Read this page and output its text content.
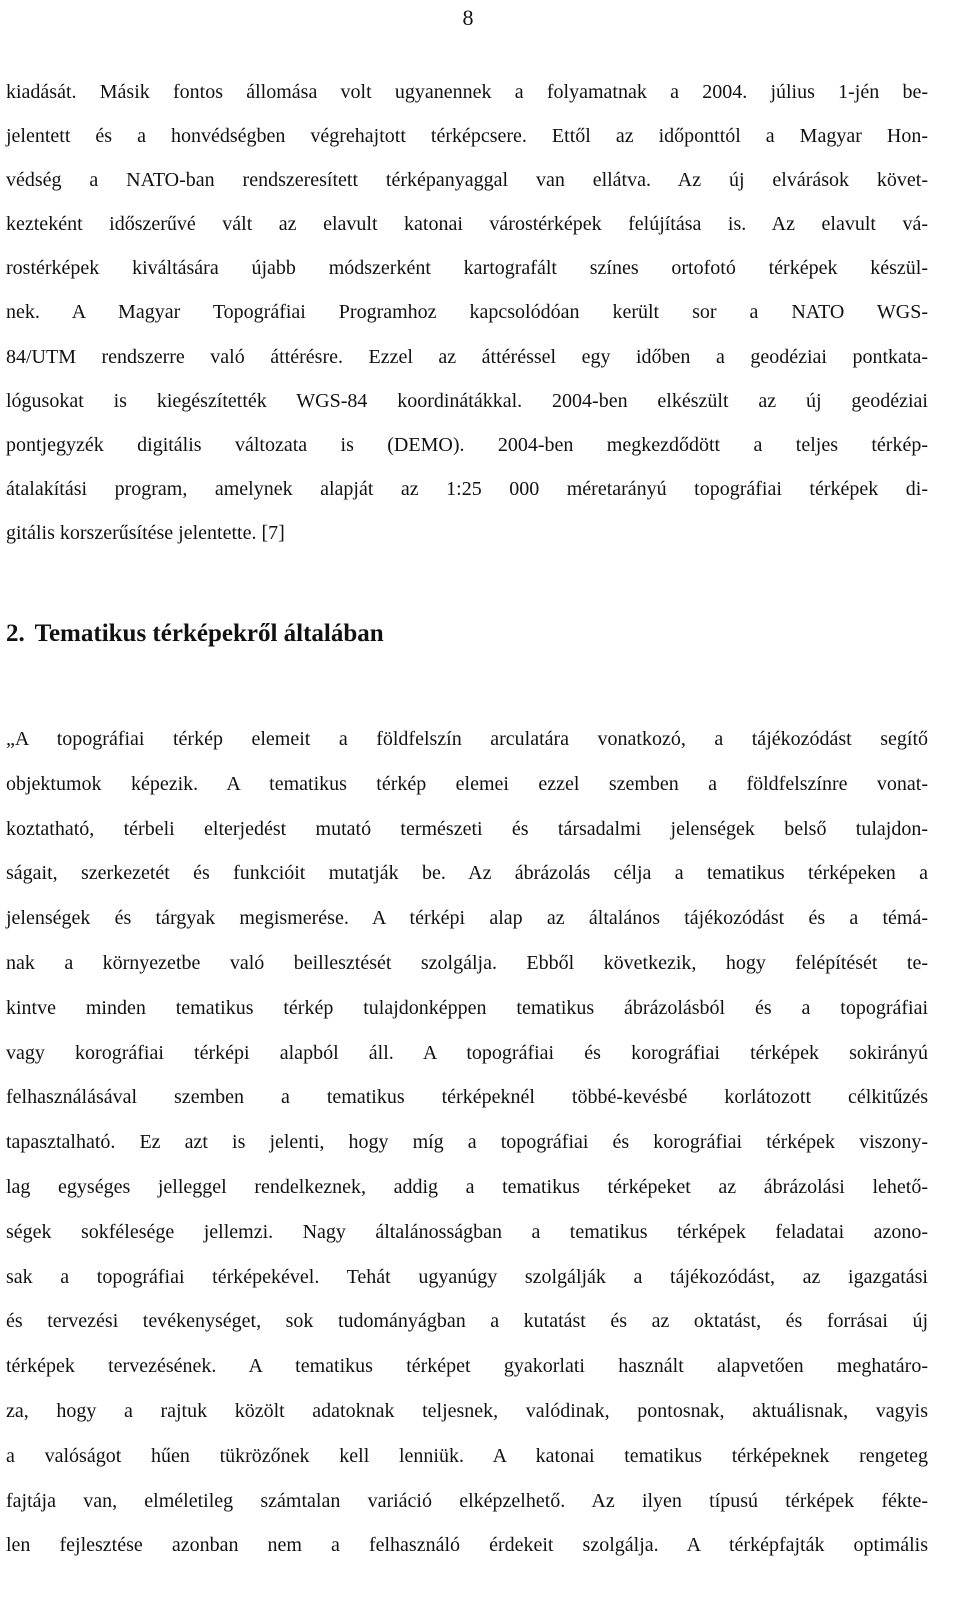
8
kiadását. Másik fontos állomása volt ugyanennek a folyamatnak a 2004. július 1-jén be-
jelentett és a honvédségben végrehajtott térképcsere. Ettől az időponttól a Magyar Hon-
védség a NATO-ban rendszeresített térképanyaggal van ellátva. Az új elvárások követ-
kezteként időszerűvé vált az elavult katonai várostérképek felújítása is. Az elavult vá-
rostérképek kiváltására újabb módszerként kartografált színes ortofotó térképek készül-
nek. A Magyar Topográfiai Programhoz kapcsolódóan került sor a NATO WGS-
84/UTM rendszerre való áttérésre. Ezzel az áttéréssel egy időben a geodéziai pontkata-
lógusokat is kiegészítették WGS-84 koordinátákkal. 2004-ben elkészült az új geodéziai
pontjegyzék digitális változata is (DEMO). 2004-ben megkezdődött a teljes térkép-
átalakítási program, amelynek alapját az 1:25 000 méretarányú topográfiai térképek di-
gitális korszerűsítése jelentette. [7]
2. Tematikus térképekről általában
„A topográfiai térkép elemeit a földfelszín arculatára vonatkozó, a tájékozódást segítő
objektumok képezik. A tematikus térkép elemei ezzel szemben a földfelszínre vonat-
koztatható, térbeli elterjedést mutató természeti és társadalmi jelenségek belső tulajdon-
ságait, szerkezetét és funkcióit mutatják be. Az ábrázolás célja a tematikus térképeken a
jelenségek és tárgyak megismerése. A térképi alap az általános tájékozódást és a témá-
nak a környezetbe való beillesztését szolgálja. Ebből következik, hogy felépítését te-
kintve minden tematikus térkép tulajdonképpen tematikus ábrázolásból és a topográfiai
vagy korográfiai térképi alapból áll. A topográfiai és korográfiai térképek sokirányú
felhasználásával szemben a tematikus térképeknél többé-kevésbé korlátozott célkitűzés
tapasztalható. Ez azt is jelenti, hogy míg a topográfiai és korográfiai térképek viszony-
lag egységes jelleggel rendelkeznek, addig a tematikus térképeket az ábrázolási lehető-
ségek sokfélesége jellemzi. Nagy általánosságban a tematikus térképek feladatai azono-
sak a topográfiai térképekével. Tehát ugyanúgy szolgálják a tájékozódást, az igazgatási
és tervezési tevékenységet, sok tudományágban a kutatást és az oktatást, és forrásai új
térképek tervezésének. A tematikus térképet gyakorlati használt alapvetően meghatáro-
za, hogy a rajtuk közölt adatoknak teljesnek, valódinak, pontosnak, aktuálisnak, vagyis
a valóságot hűen tükrözőnek kell lenniük. A katonai tematikus térképeknek rengeteg
fajtája van, elméletileg számtalan variáció elképzelhető. Az ilyen típusú térképek fékte-
len fejlesztése azonban nem a felhasználó érdekeit szolgálja. A térképfajták optimális
